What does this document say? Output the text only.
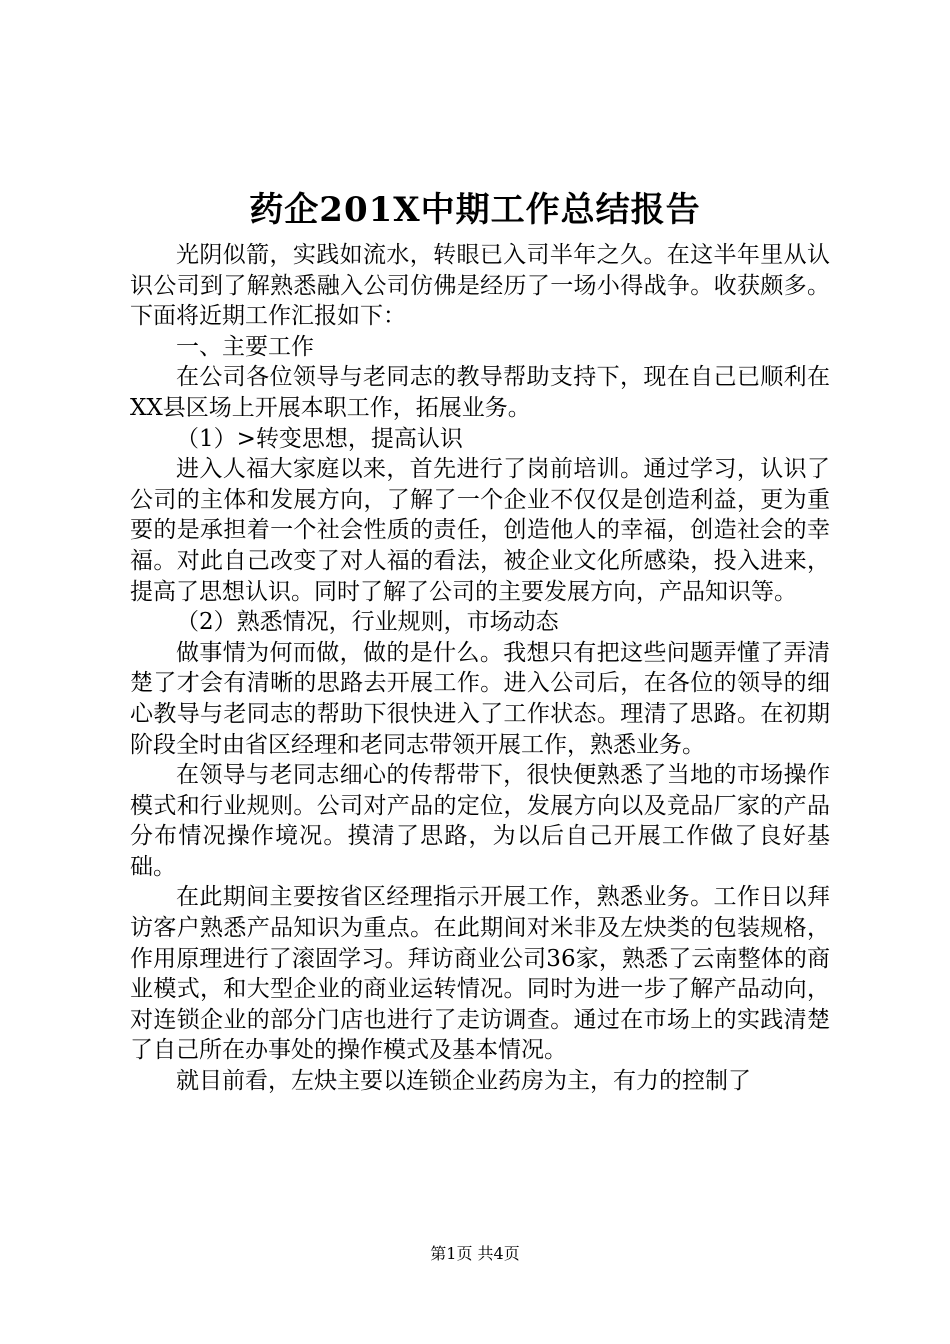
药企201X中期工作总结报告

光阴似箭，实践如流水，转眼已入司半年之久。在这半年里从认识公司到了解熟悉融入公司仿佛是经历了一场小得战争。收获颇多。下面将近期工作汇报如下：

一、主要工作

在公司各位领导与老同志的教导帮助支持下，现在自己已顺利在XX县区场上开展本职工作，拓展业务。

（1）>转变思想，提高认识

进入人福大家庭以来，首先进行了岗前培训。通过学习，认识了公司的主体和发展方向，了解了一个企业不仅仅是创造利益，更为重要的是承担着一个社会性质的责任，创造他人的幸福，创造社会的幸福。对此自己改变了对人福的看法，被企业文化所感染，投入进来，提高了思想认识。同时了解了公司的主要发展方向，产品知识等。

（2）熟悉情况，行业规则，市场动态

做事情为何而做，做的是什么。我想只有把这些问题弄懂了弄清楚了才会有清晰的思路去开展工作。进入公司后，在各位的领导的细心教导与老同志的帮助下很快进入了工作状态。理清了思路。在初期阶段全时由省区经理和老同志带领开展工作，熟悉业务。

在领导与老同志细心的传帮带下，很快便熟悉了当地的市场操作模式和行业规则。公司对产品的定位，发展方向以及竞品厂家的产品分布情况操作境况。摸清了思路，为以后自己开展工作做了良好基础。

在此期间主要按省区经理指示开展工作，熟悉业务。工作日以拜访客户熟悉产品知识为重点。在此期间对米非及左炔类的包装规格，作用原理进行了滚固学习。拜访商业公司36家，熟悉了云南整体的商业模式，和大型企业的商业运转情况。同时为进一步了解产品动向，对连锁企业的部分门店也进行了走访调查。通过在市场上的实践清楚了自己所在办事处的操作模式及基本情况。

就目前看，左炔主要以连锁企业药房为主，有力的控制了

第1页 共4页
